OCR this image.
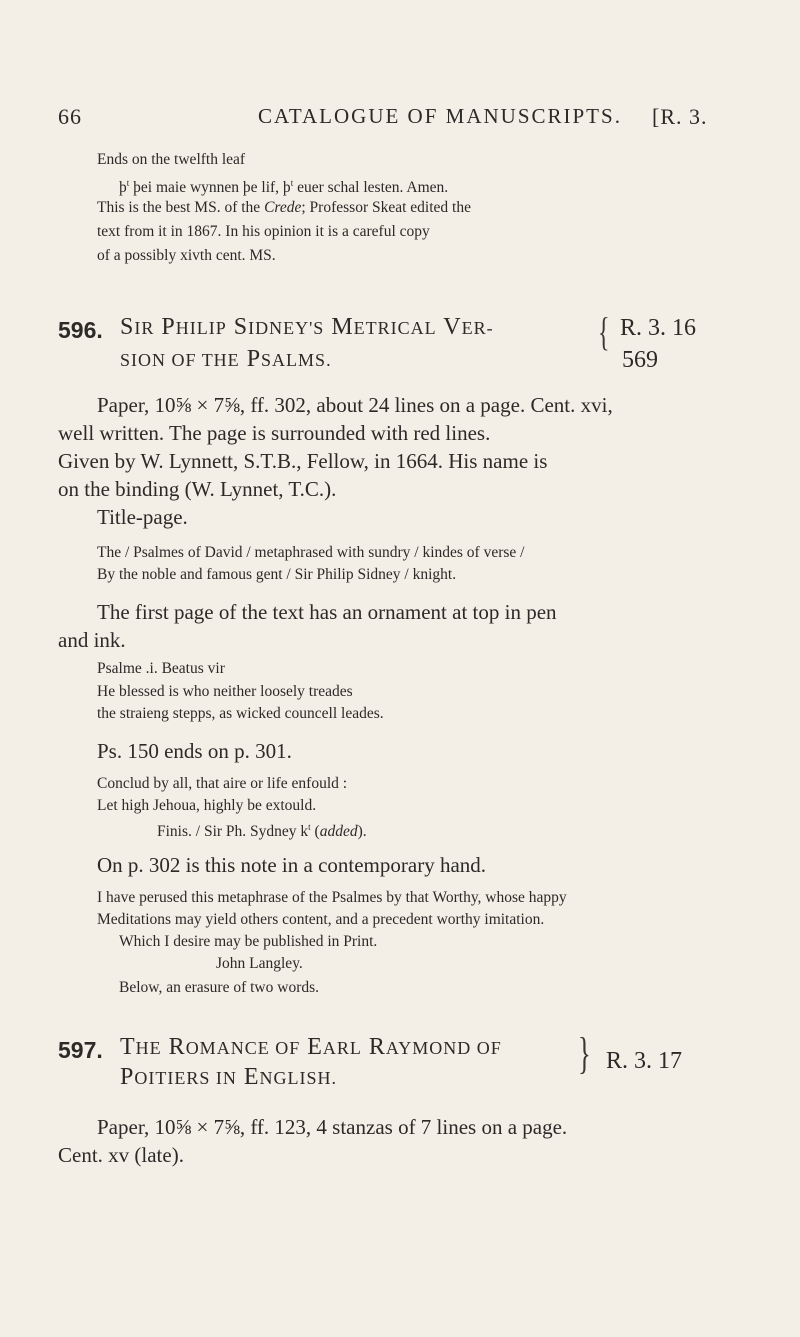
66	CATALOGUE OF MANUSCRIPTS. [R. 3.
Ends on the twelfth leaf
$þ^t$ þei maie wynnen þe lif, $þ^t$ euer schal lesten. Amen.
This is the best MS. of the Crede; Professor Skeat edited the
text from it in 1867. In his opinion it is a careful copy
of a possibly xivth cent. MS.
596. SIR PHILIP SIDNEY'S METRICAL VER-
SION OF THE PSALMS.
{ R. 3. 16
569
Paper, 10⅝ × 7⅝, ff. 302, about 24 lines on a page. Cent. xvi,
well written. The page is surrounded with red lines.
Given by W. Lynnett, S.T.B., Fellow, in 1664. His name is
on the binding (W. Lynnet, T.C.).
Title-page.
The / Psalmes of David / metaphrased with sundry / kindes of verse /
By the noble and famous gent / Sir Philip Sidney / knight.
The first page of the text has an ornament at top in pen
and ink.
Psalme .i. Beatus vir
He blessed is who neither loosely treades
the straieng stepps, as wicked councell leades.
Ps. 150 ends on p. 301.
Conclud by all, that aire or life enfould :
Let high Jehoua, highly be extould.
Finis. / Sir Ph. Sydney $k^t$ (added).
On p. 302 is this note in a contemporary hand.
I have perused this metaphrase of the Psalmes by that Worthy, whose happy
Meditations may yield others content, and a precedent worthy imitation.
Which I desire may be published in Print.
John Langley.
Below, an erasure of two words.
597. THE ROMANCE OF EARL RAYMOND OF
POITIERS IN ENGLISH.	} R. 3. 17
Paper, 10⅝ × 7⅝, ff. 123, 4 stanzas of 7 lines on a page.
Cent. xv (late).
